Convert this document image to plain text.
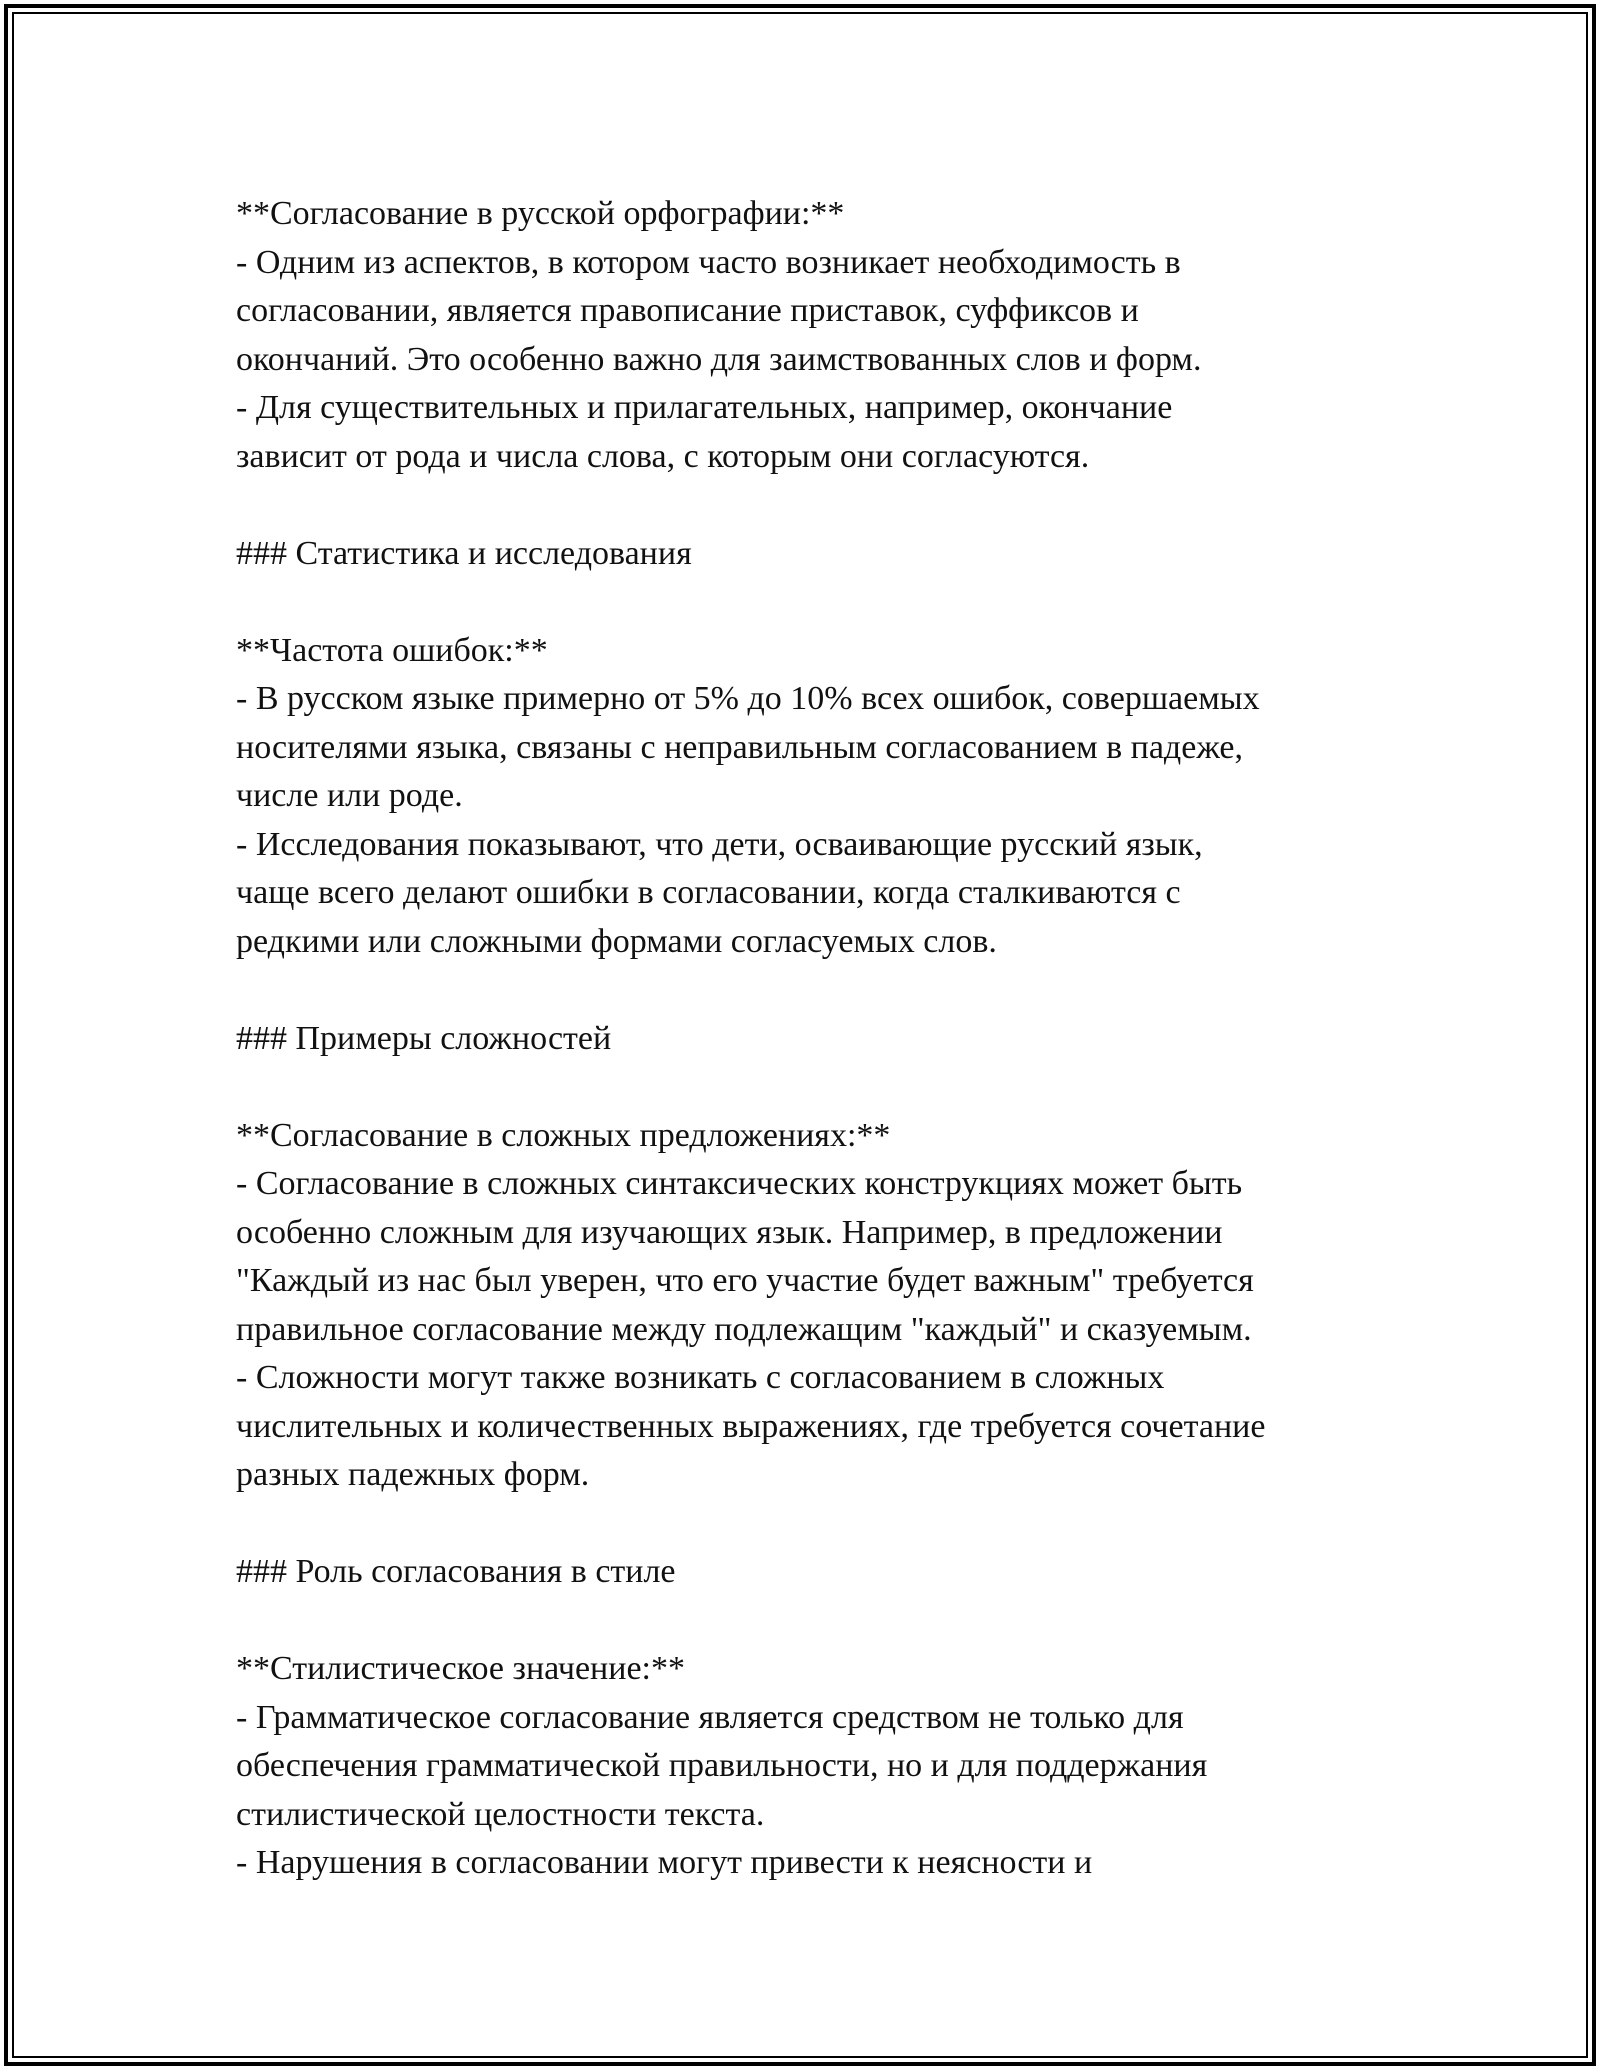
**Согласование в русской орфографии:**
- Одним из аспектов, в котором часто возникает необходимость в
согласовании, является правописание приставок, суффиксов и
окончаний. Это особенно важно для заимствованных слов и форм.
- Для существительных и прилагательных, например, окончание
зависит от рода и числа слова, с которым они согласуются.
### Статистика и исследования
**Частота ошибок:**
- В русском языке примерно от 5% до 10% всех ошибок, совершаемых
носителями языка, связаны с неправильным согласованием в падеже,
числе или роде.
- Исследования показывают, что дети, осваивающие русский язык,
чаще всего делают ошибки в согласовании, когда сталкиваются с
редкими или сложными формами согласуемых слов.
### Примеры сложностей
**Согласование в сложных предложениях:**
- Согласование в сложных синтаксических конструкциях может быть
особенно сложным для изучающих язык. Например, в предложении
"Каждый из нас был уверен, что его участие будет важным" требуется
правильное согласование между подлежащим "каждый" и сказуемым.
- Сложности могут также возникать с согласованием в сложных
числительных и количественных выражениях, где требуется сочетание
разных падежных форм.
### Роль согласования в стиле
**Стилистическое значение:**
- Грамматическое согласование является средством не только для
обеспечения грамматической правильности, но и для поддержания
стилистической целостности текста.
- Нарушения в согласовании могут привести к неясности и
